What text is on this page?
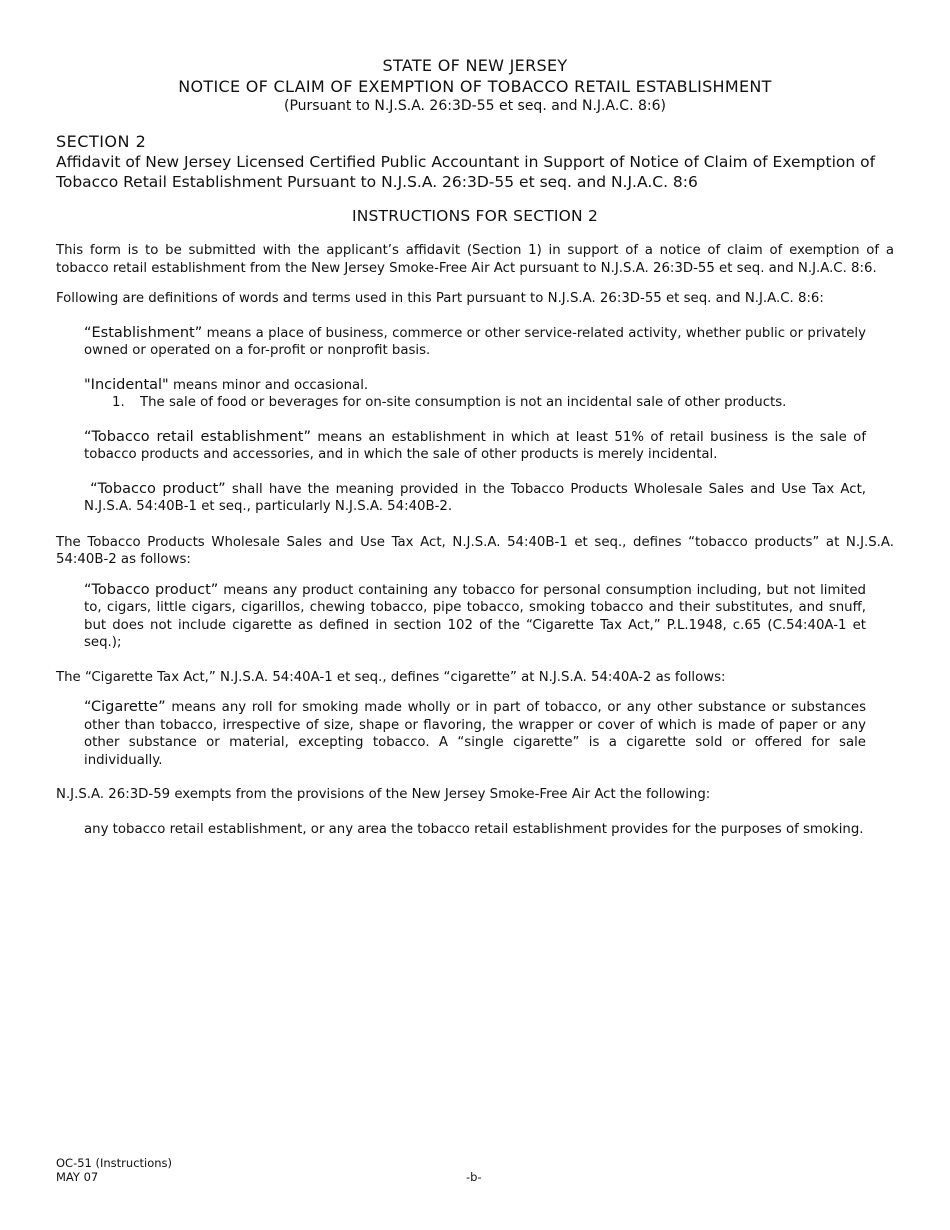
STATE OF NEW JERSEY
NOTICE OF CLAIM OF EXEMPTION OF TOBACCO RETAIL ESTABLISHMENT
(Pursuant to N.J.S.A. 26:3D-55 et seq. and N.J.A.C. 8:6)
SECTION 2
Affidavit of New Jersey Licensed Certified Public Accountant in Support of Notice of Claim of Exemption of Tobacco Retail Establishment Pursuant to N.J.S.A. 26:3D-55 et seq. and N.J.A.C. 8:6
INSTRUCTIONS FOR SECTION 2

This form is to be submitted with the applicant’s affidavit (Section 1) in support of a notice of claim of exemption of a tobacco retail establishment from the New Jersey Smoke-Free Air Act pursuant to N.J.S.A. 26:3D-55 et seq. and N.J.A.C. 8:6.

Following are definitions of words and terms used in this Part pursuant to N.J.S.A. 26:3D-55 et seq. and N.J.A.C. 8:6:

“Establishment” means a place of business, commerce or other service-related activity, whether public or privately owned or operated on a for-profit or nonprofit basis.

"Incidental" means minor and occasional.

1. The sale of food or beverages for on-site consumption is not an incidental sale of other products.

“Tobacco retail establishment” means an establishment in which at least 51% of retail business is the sale of tobacco products and accessories, and in which the sale of other products is merely incidental.

“Tobacco product” shall have the meaning provided in the Tobacco Products Wholesale Sales and Use Tax Act, N.J.S.A. 54:40B-1 et seq., particularly N.J.S.A. 54:40B-2.

The Tobacco Products Wholesale Sales and Use Tax Act, N.J.S.A. 54:40B-1 et seq., defines “tobacco products” at N.J.S.A. 54:40B-2 as follows:

“Tobacco product” means any product containing any tobacco for personal consumption including, but not limited to, cigars, little cigars, cigarillos, chewing tobacco, pipe tobacco, smoking tobacco and their substitutes, and snuff, but does not include cigarette as defined in section 102 of the “Cigarette Tax Act,” P.L.1948, c.65 (C.54:40A-1 et seq.);

The “Cigarette Tax Act,” N.J.S.A. 54:40A-1 et seq., defines “cigarette” at N.J.S.A. 54:40A-2 as follows:

“Cigarette” means any roll for smoking made wholly or in part of tobacco, or any other substance or substances other than tobacco, irrespective of size, shape or flavoring, the wrapper or cover of which is made of paper or any other substance or material, excepting tobacco. A “single cigarette” is a cigarette sold or offered for sale individually.

N.J.S.A. 26:3D-59 exempts from the provisions of the New Jersey Smoke-Free Air Act the following:

any tobacco retail establishment, or any area the tobacco retail establishment provides for the purposes of smoking.

OC-51 (Instructions)
MAY 07	-b-
